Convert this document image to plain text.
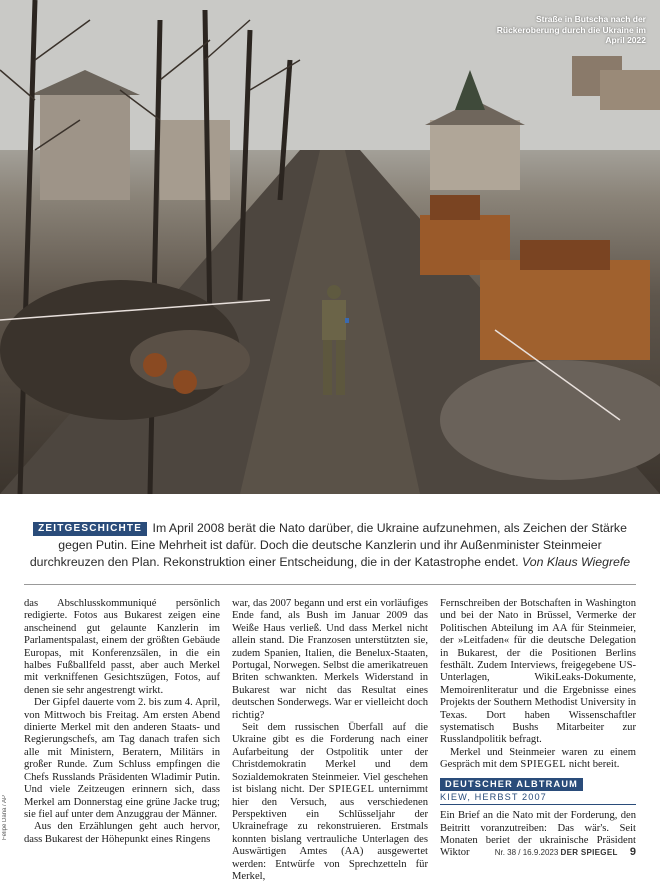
Straße in Butscha nach der Rückeroberung durch die Ukraine im April 2022
ZEITGESCHICHTE Im April 2008 berät die Nato darüber, die Ukraine aufzunehmen, als Zeichen der Stärke gegen Putin. Eine Mehrheit ist dafür. Doch die deutsche Kanzlerin und ihr Außenminister Steinmeier durchkreuzen den Plan. Rekonstruktion einer Entscheidung, die in der Katastrophe endet. Von Klaus Wiegrefe

das Abschlusskommuniqué persönlich redigierte. Fotos aus Bukarest zeigen eine anscheinend gut gelaunte Kanzlerin im Parlamentspalast, einem der größten Gebäude Europas, mit Konferenzsälen, in die ein halbes Fußballfeld passt, aber auch Merkel mit verkniffenen Gesichtszügen, Fotos, auf denen sie sehr angestrengt wirkt.

Der Gipfel dauerte vom 2. bis zum 4. April, von Mittwoch bis Freitag. Am ersten Abend dinierte Merkel mit den anderen Staats- und Regierungschefs, am Tag danach trafen sich alle mit Ministern, Beratern, Militärs in großer Runde. Zum Schluss empfingen die Chefs Russlands Präsidenten Wladimir Putin. Und viele Zeitzeugen erinnern sich, dass Merkel am Donnerstag eine grüne Jacke trug; sie fiel auf unter dem Anzuggrau der Männer.

Aus den Erzählungen geht auch hervor, dass Bukarest der Höhepunkt eines Ringens

war, das 2007 begann und erst ein vorläufiges Ende fand, als Bush im Januar 2009 das Weiße Haus verließ. Und dass Merkel nicht allein stand. Die Franzosen unterstützten sie, zudem Spanien, Italien, die Benelux-Staaten, Portugal, Norwegen. Selbst die amerikatreuen Briten schwankten. Merkels Widerstand in Bukarest war nicht das Resultat eines deutschen Sonderwegs. War er vielleicht doch richtig?

Seit dem russischen Überfall auf die Ukraine gibt es die Forderung nach einer Aufarbeitung der Ostpolitik unter der Christdemokratin Merkel und dem Sozialdemokraten Steinmeier. Viel geschehen ist bislang nicht. Der SPIEGEL unternimmt hier den Versuch, aus verschiedenen Perspektiven ein Schlüsseljahr der Ukrainefrage zu rekonstruieren. Erstmals konnten bislang vertrauliche Unterlagen des Auswärtigen Amtes (AA) ausgewertet werden: Entwürfe von Sprechzetteln für Merkel,

Fernschreiben der Botschaften in Washington und bei der Nato in Brüssel, Vermerke der Politischen Abteilung im AA für Steinmeier, der »Leitfaden« für die deutsche Delegation in Bukarest, der die Positionen Berlins festhält. Zudem Interviews, freigegebene US-Unterlagen, WikiLeaks-Dokumente, Memoirenliteratur und die Ergebnisse eines Projekts der Southern Methodist University in Texas. Dort haben Wissenschaftler systematisch Bushs Mitarbeiter zur Russlandpolitik befragt.

Merkel und Steinmeier waren zu einem Gespräch mit dem SPIEGEL nicht bereit.

DEUTSCHER ALBTRAUM
KIEW, HERBST 2007

Ein Brief an die Nato mit der Forderung, den Beitritt voranzutreiben: Das wär's. Seit Monaten beriet der ukrainische Präsident Wiktor

Felipe Dana / AP
Nr. 38 / 16.9.2023 DER SPIEGEL 9
